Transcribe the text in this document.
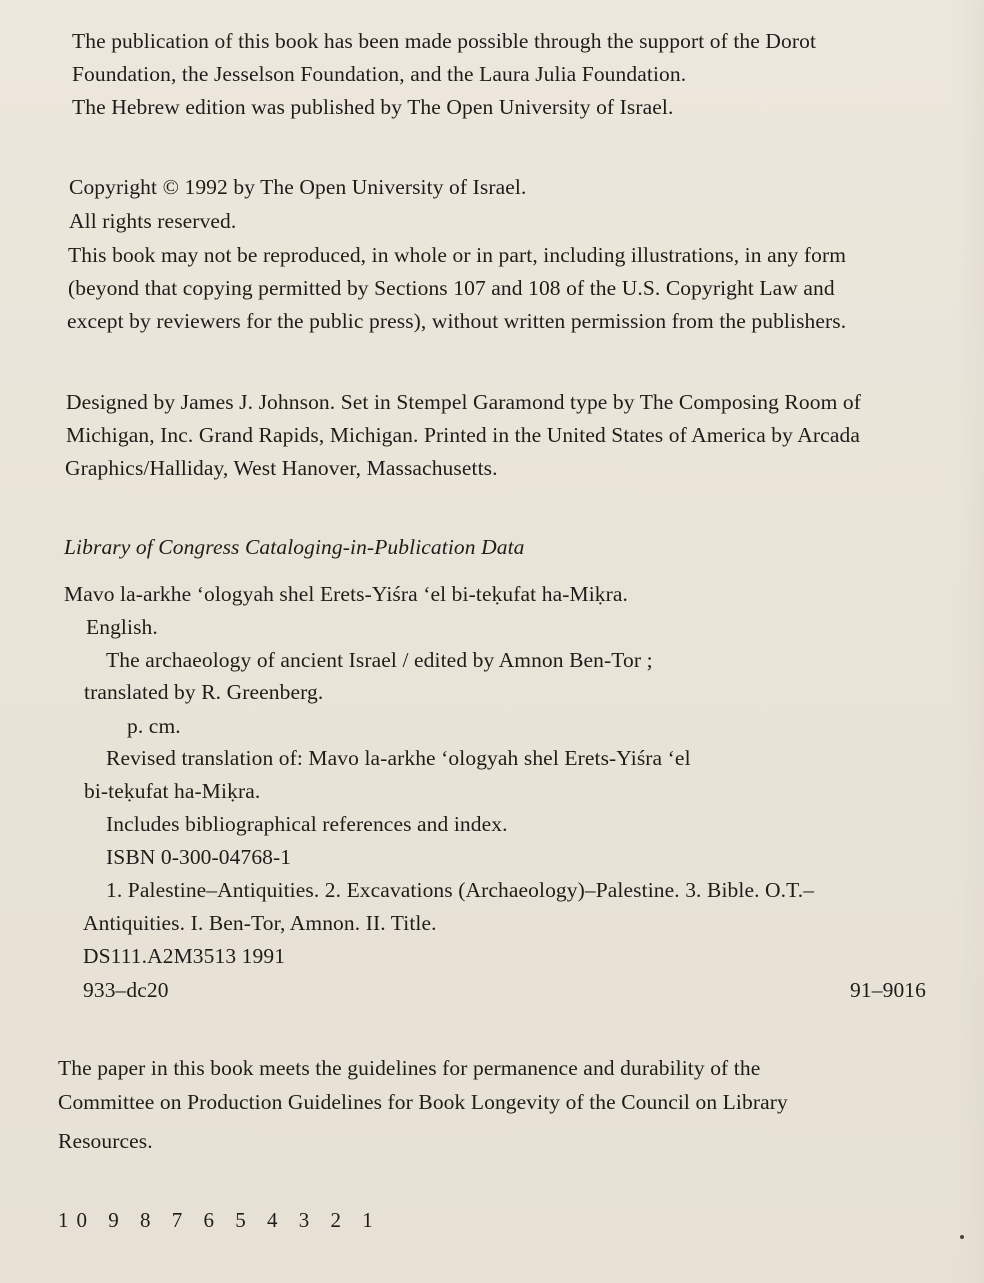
The publication of this book has been made possible through the support of the Dorot
Foundation, the Jesselson Foundation, and the Laura Julia Foundation.
The Hebrew edition was published by The Open University of Israel.
Copyright © 1992 by The Open University of Israel.
All rights reserved.
This book may not be reproduced, in whole or in part, including illustrations, in any form
(beyond that copying permitted by Sections 107 and 108 of the U.S. Copyright Law and
except by reviewers for the public press), without written permission from the publishers.
Designed by James J. Johnson. Set in Stempel Garamond type by The Composing Room of
Michigan, Inc. Grand Rapids, Michigan. Printed in the United States of America by Arcada
Graphics/Halliday, West Hanover, Massachusetts.
Library of Congress Cataloging-in-Publication Data
Mavo la-arkhe ‘ologyah shel Erets-Yiśra ‘el bi-teḳufat ha-Miḳra.
English.
The archaeology of ancient Israel / edited by Amnon Ben-Tor ;
translated by R. Greenberg.
p. cm.
Revised translation of: Mavo la-arkhe ‘ologyah shel Erets-Yiśra ‘el
bi-teḳufat ha-Miḳra.
Includes bibliographical references and index.
ISBN 0-300-04768-1
1. Palestine–Antiquities. 2. Excavations (Archaeology)–Palestine. 3. Bible. O.T.–
Antiquities. I. Ben-Tor, Amnon. II. Title.
DS111.A2M3513 1991
933–dc20	91–9016
The paper in this book meets the guidelines for permanence and durability of the
Committee on Production Guidelines for Book Longevity of the Council on Library
Resources.
10 9 8 7 6 5 4 3 2 1
